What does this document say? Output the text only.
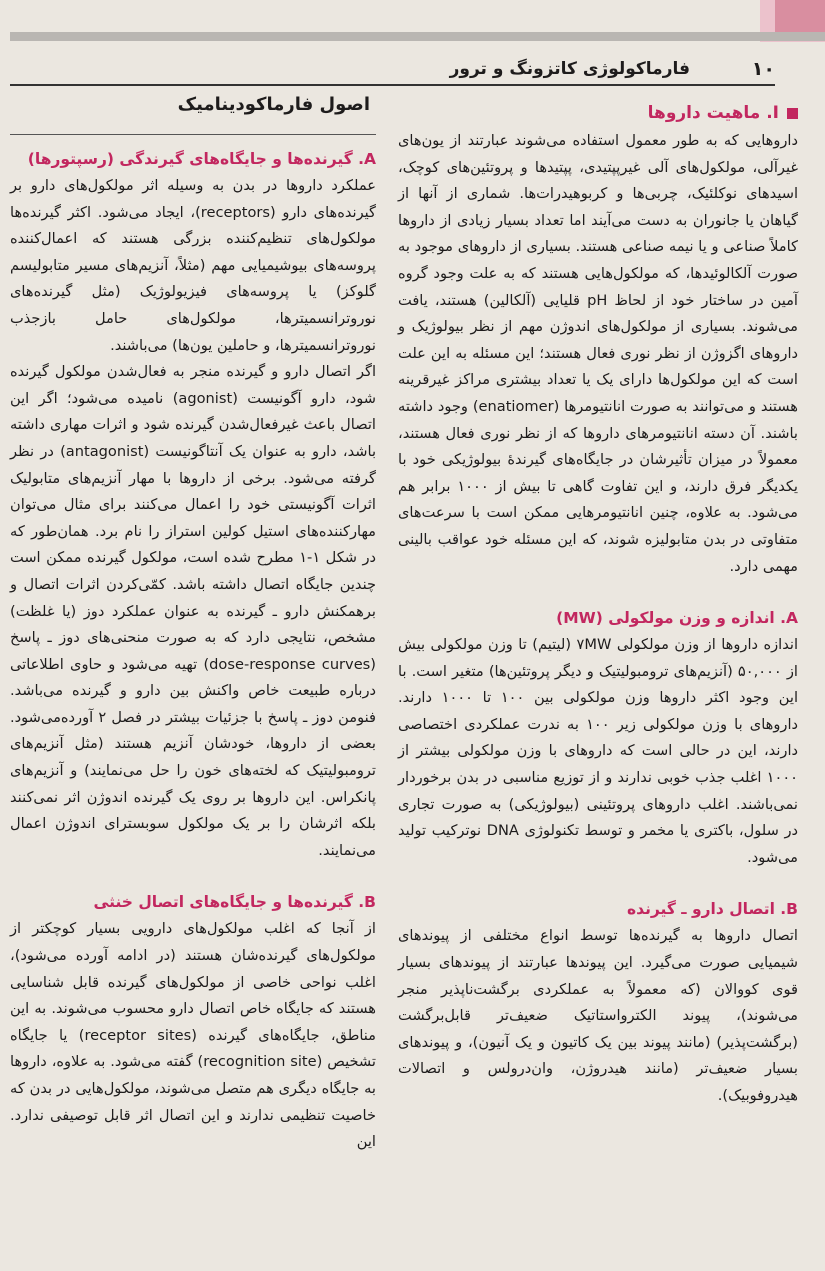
۱۰
فارماکولوژی کاتزونگ و ترور
I. ماهیت داروها

داروهایی که به طور معمول استفاده می‌شوند عبارتند از یون‌های غیرآلی، مولکول‌های آلی غیرپپتیدی، پپتیدها و پروتئین‌های کوچک، اسیدهای نوکلئیک، چربی‌ها و کربوهیدرات‌ها. شماری از آنها از گیاهان یا جانوران به دست می‌آیند اما تعداد بسیار زیادی از داروها کاملاً صناعی و یا نیمه صناعی هستند. بسیاری از داروهای موجود به صورت آلکالوئیدها، که مولکول‌هایی هستند که به علت وجود گروه آمین در ساختار خود از لحاظ pH قلیایی (آلکالین) هستند، یافت می‌شوند. بسیاری از مولکول‌های اندوژن مهم از نظر بیولوژیک و داروهای اگزوژن از نظر نوری فعال هستند؛ این مسئله به این علت است که این مولکول‌ها دارای یک یا تعداد بیشتری مراکز غیرقرینه هستند و می‌توانند به صورت انانتیومرها (enatiomer) وجود داشته باشند. آن دسته انانتیومرهای داروها که از نظر نوری فعال هستند، معمولاً در میزان تأثیرشان در جایگاه‌های گیرندهٔ بیولوژیکی خود با یکدیگر فرق دارند، و این تفاوت گاهی تا بیش از ۱۰۰۰ برابر هم می‌شود. به علاوه، چنین انانتیومرهایی ممکن است با سرعت‌های متفاوتی در بدن متابولیزه شوند، که این مسئله خود عواقب بالینی مهمی دارد.

A. اندازه و وزن مولکولی (MW)

اندازه داروها از وزن مولکولی ۷MW (لیتیم) تا وزن مولکولی بیش از ۵۰,۰۰۰ (آنزیم‌های ترومبولیتیک و دیگر پروتئین‌ها) متغیر است. با این وجود اکثر داروها وزن مولکولی بین ۱۰۰ تا ۱۰۰۰ دارند. داروهای با وزن مولکولی زیر ۱۰۰ به ندرت عملکردی اختصاصی دارند، این در حالی است که داروهای با وزن مولکولی بیشتر از ۱۰۰۰ اغلب جذب خوبی ندارند و از توزیع مناسبی در بدن برخوردار نمی‌باشند. اغلب داروهای پروتئینی (بیولوژیکی) به صورت تجاری در سلول، باکتری یا مخمر و توسط تکنولوژی DNA نوترکیب تولید می‌شود.

B. اتصال دارو ـ گیرنده

اتصال داروها به گیرنده‌ها توسط انواع مختلفی از پیوندهای شیمیایی صورت می‌گیرد. این پیوندها عبارتند از پیوندهای بسیار قوی کووالان (که معمولاً به عملکردی برگشت‌ناپذیر منجر می‌شوند)، پیوند الکترواستاتیک ضعیف‌تر قابل‌برگشت (برگشت‌پذیر) (مانند پیوند بین یک کاتیون و یک آنیون)، و پیوندهای بسیار ضعیف‌تر (مانند هیدروژن، وان‌درولس و اتصالات هیدروفوبیک).

اصول فارماکودینامیک
A. گیرنده‌ها و جایگاه‌های گیرندگی (رسپتورها)

عملکرد داروها در بدن به وسیله اثر مولکول‌های دارو بر گیرنده‌های دارو (receptors)، ایجاد می‌شود. اکثر گیرنده‌ها مولکول‌های تنظیم‌کننده بزرگی هستند که اعمال‌کننده پروسه‌های بیوشیمیایی مهم (مثلاً، آنزیم‌های مسیر متابولیسم گلوکز) یا پروسه‌های فیزیولوژیک (مثل گیرنده‌های نوروترانسمیترها، مولکول‌های حامل بازجذب نوروترانسمیترها، و حاملین یون‌ها) می‌باشند.

اگر اتصال دارو و گیرنده منجر به فعال‌شدن مولکول گیرنده شود، دارو آگونیست (agonist) نامیده می‌شود؛ اگر این اتصال باعث غیرفعال‌شدن گیرنده شود و اثرات مهاری داشته باشد، دارو به عنوان یک آنتاگونیست (antagonist) در نظر گرفته می‌شود. برخی از داروها با مهار آنزیم‌های متابولیک اثرات آگونیستی خود را اعمال می‌کنند برای مثال می‌توان مهارکننده‌های استیل کولین استراز را نام برد. همان‌طور که در شکل ۱-۱ مطرح شده است، مولکول گیرنده ممکن است چندین جایگاه اتصال داشته باشد. کمّی‌کردن اثرات اتصال و برهمکنش دارو ـ گیرنده به عنوان عملکرد دوز (یا غلظت) مشخص، نتایجی دارد که به صورت منحنی‌های دوز ـ پاسخ (dose-response curves) تهیه می‌شود و حاوی اطلاعاتی درباره طبیعت خاص واکنش بین دارو و گیرنده می‌باشد. فنومن دوز ـ پاسخ با جزئیات بیشتر در فصل ۲ آورده‌می‌شود. بعضی از داروها، خودشان آنزیم هستند (مثل آنزیم‌های ترومبولیتیک که لخته‌های خون را حل می‌نمایند) و آنزیم‌های پانکراس. این داروها بر روی یک گیرنده اندوژن اثر نمی‌کنند بلکه اثرشان را بر یک مولکول سوبسترای اندوژن اعمال می‌نمایند.

B. گیرنده‌ها و جایگاه‌های اتصال خنثی

از آنجا که اغلب مولکول‌های دارویی بسیار کوچکتر از مولکول‌های گیرنده‌شان هستند (در ادامه آورده می‌شود)، اغلب نواحی خاصی از مولکول‌های گیرنده قابل شناسایی هستند که جایگاه خاص اتصال دارو محسوب می‌شوند. به این مناطق، جایگاه‌های گیرنده (receptor sites) یا جایگاه تشخیص (recognition site) گفته می‌شود. به علاوه، داروها به جایگاه دیگری هم متصل می‌شوند، مولکول‌هایی در بدن که خاصیت تنظیمی ندارند و این اتصال اثر قابل توصیفی ندارد. این
